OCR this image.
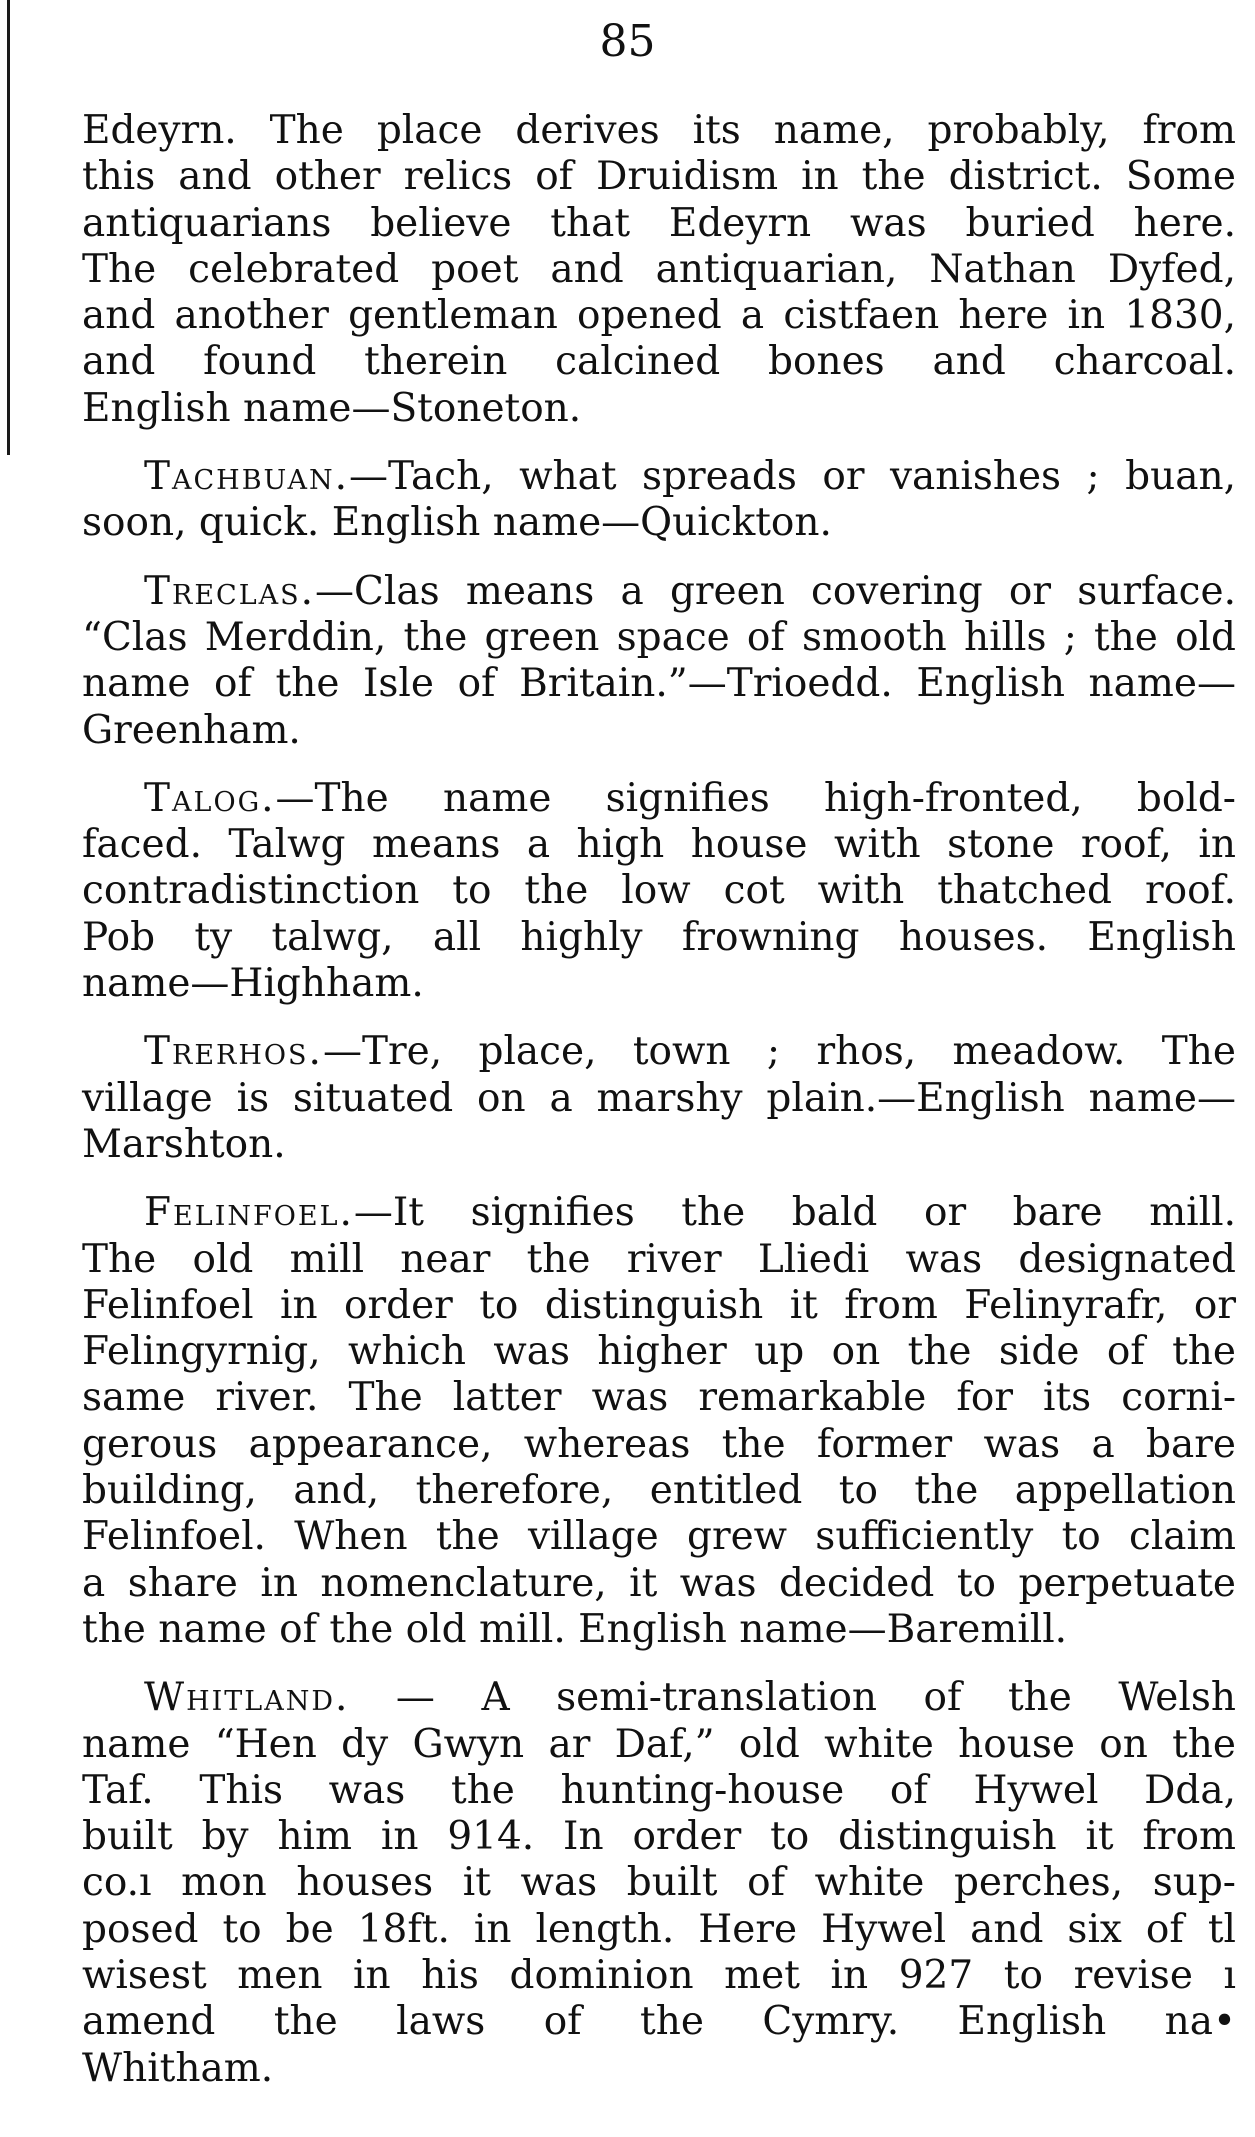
85

Edeyrn. The place derives its name, probably, from
this and other relics of Druidism in the district. Some
antiquarians believe that Edeyrn was buried here.
The celebrated poet and antiquarian, Nathan Dyfed,
and another gentleman opened a cistfaen here in 1830,
and found therein calcined bones and charcoal.
English name—Stoneton.

Tachbuan.—Tach, what spreads or vanishes ; buan,
soon, quick. English name—Quickton.

Treclas.—Clas means a green covering or surface.
“Clas Merddin, the green space of smooth hills ; the old
name of the Isle of Britain.”—Trioedd. English name—
Greenham.

Talog.—The name signifies high-fronted, bold-
faced. Talwg means a high house with stone roof, in
contradistinction to the low cot with thatched roof.
Pob ty talwg, all highly frowning houses. English
name—Highham.

Trerhos.—Tre, place, town ; rhos, meadow. The
village is situated on a marshy plain.—English name—
Marshton.

Felinfoel.—It signifies the bald or bare mill.
The old mill near the river Lliedi was designated
Felinfoel in order to distinguish it from Felinyrafr, or
Felingyrnig, which was higher up on the side of the
same river. The latter was remarkable for its corni-
gerous appearance, whereas the former was a bare
building, and, therefore, entitled to the appellation
Felinfoel. When the village grew sufficiently to claim
a share in nomenclature, it was decided to perpetuate
the name of the old mill. English name—Baremill.

Whitland. — A semi-translation of the Welsh
name “Hen dy Gwyn ar Daf,” old white house on the
Taf. This was the hunting-house of Hywel Dda,
built by him in 914. In order to distinguish it from
co.ı mon houses it was built of white perches, sup-
posed to be 18ft. in length. Here Hywel and six of tl
wisest men in his dominion met in 927 to revise ı
amend the laws of the Cymry. English na•
Whitham.
